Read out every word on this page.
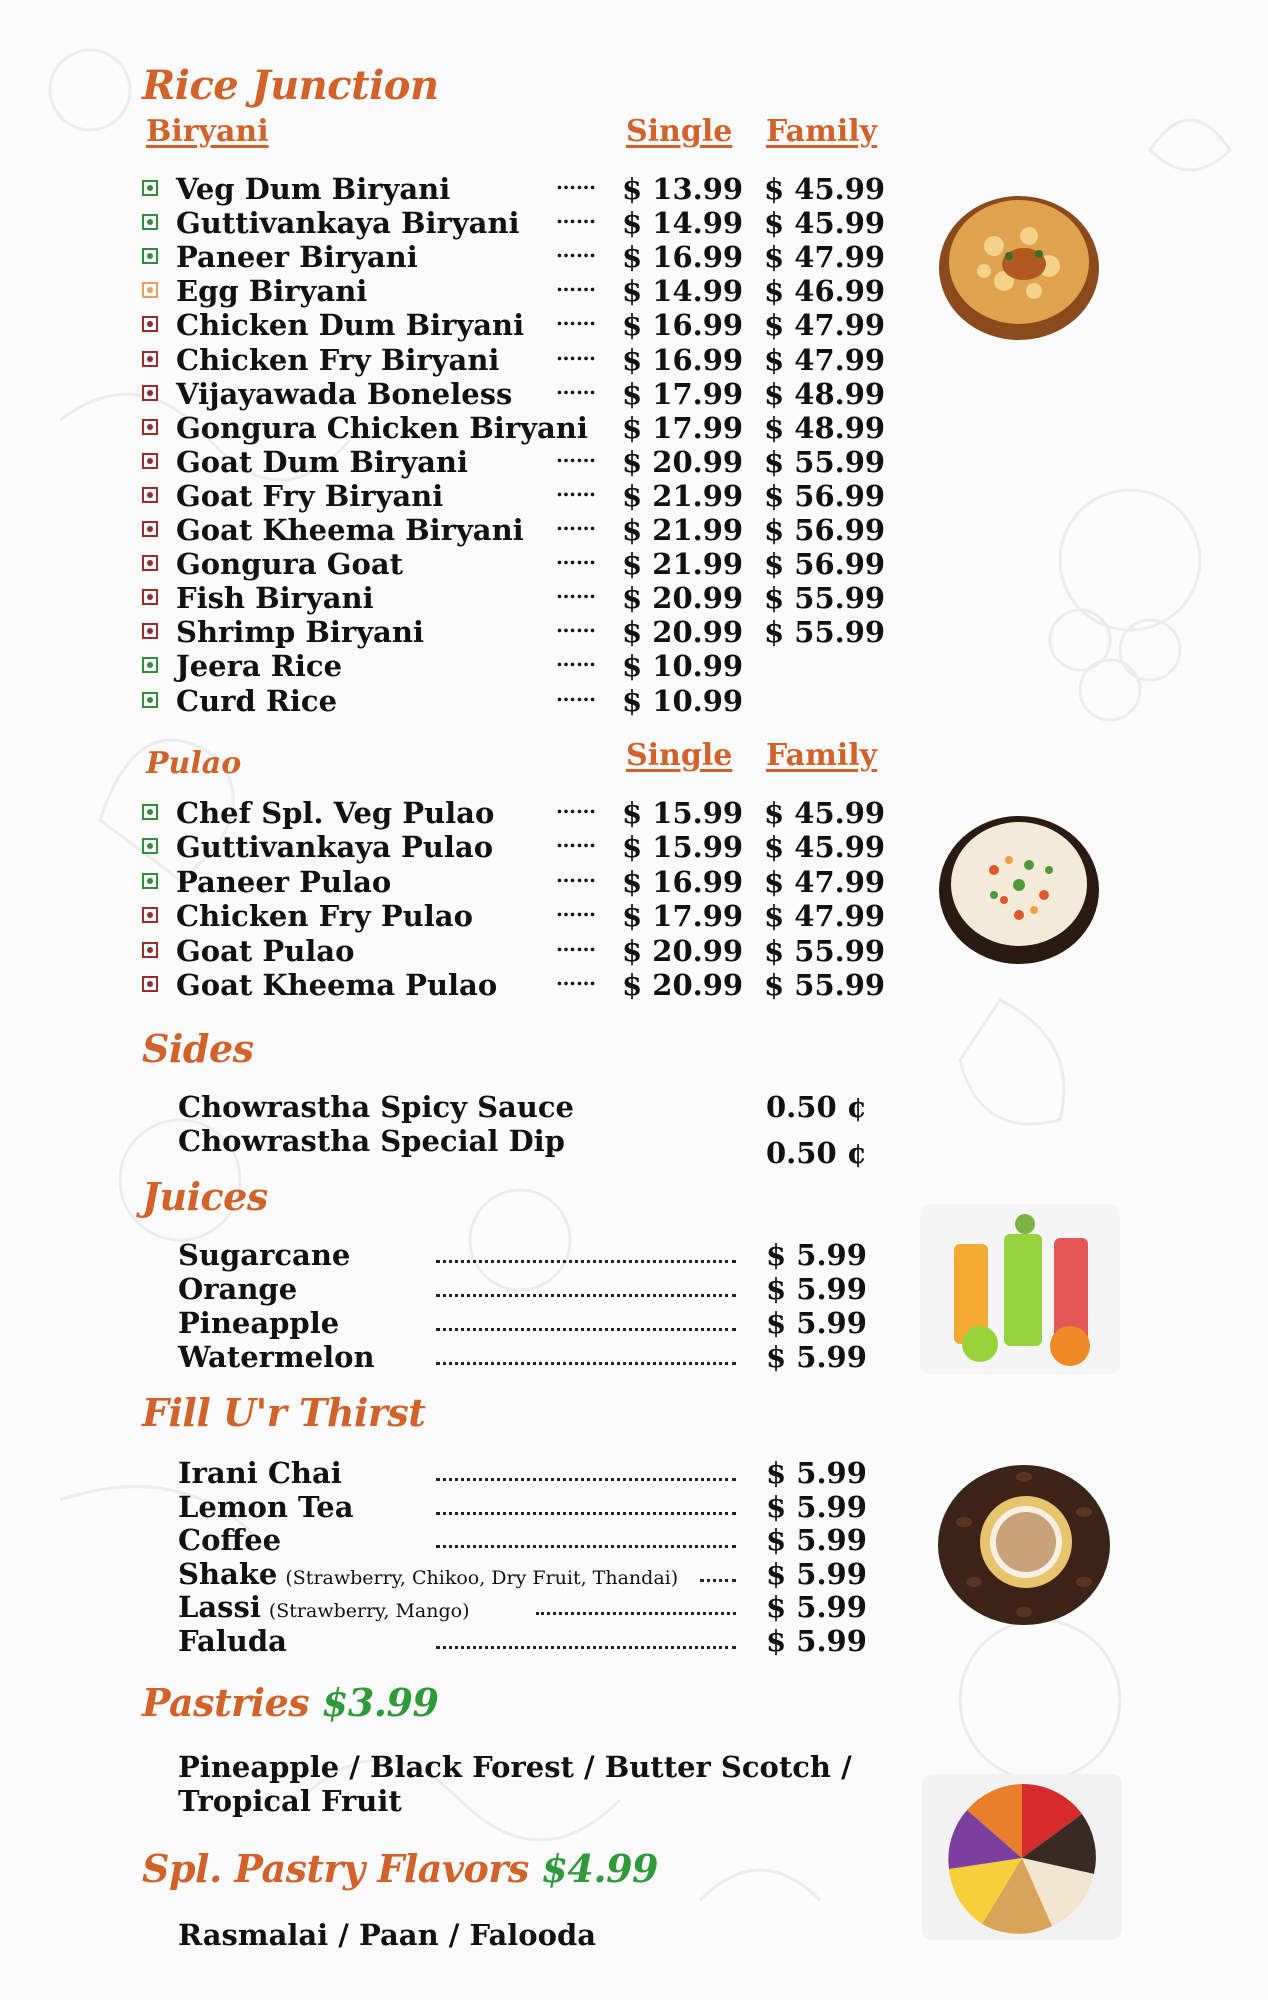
Rice Junction
Biryani	Single Family
Veg Dum Biryani	…… $ 13.99 $ 45.99
Guttivankaya Biryani …… $ 14.99 $ 45.99
Paneer Biryani	…… $ 16.99 $ 47.99
Egg Biryani	…… $ 14.99 $ 46.99
Chicken Dum Biryani …… $ 16.99 $ 47.99
Chicken Fry Biryani	…… $ 16.99 $ 47.99
Vijayawada Boneless …… $ 17.99 $ 48.99
Gongura Chicken Biryani $ 17.99 $ 48.99
Goat Dum Biryani	…… $ 20.99 $ 55.99
Goat Fry Biryani	…… $ 21.99 $ 56.99
Goat Kheema Biryani …… $ 21.99 $ 56.99
Gongura Goat	…… $ 21.99 $ 56.99
Fish Biryani	…… $ 20.99 $ 55.99
Shrimp Biryani	…… $ 20.99 $ 55.99
Jeera Rice	…… $ 10.99
Curd Rice	…… $ 10.99
Pulao	Single Family
Chef Spl. Veg Pulao	…… $ 15.99 $ 45.99
Guttivankaya Pulao	…… $ 15.99 $ 45.99
Paneer Pulao	…… $ 16.99 $ 47.99
Chicken Fry Pulao	…… $ 17.99 $ 47.99
Goat Pulao	…… $ 20.99 $ 55.99
Goat Kheema Pulao	…… $ 20.99 $ 55.99
Sides
Chowrastha Spicy Sauce	0.50 ¢
Chowrastha Special Dip	0.50 ¢
Juices
Sugarcane	$ 5.99
Orange	$ 5.99
Pineapple	$ 5.99
Watermelon	$ 5.99
Fill U'r Thirst
Irani Chai	$ 5.99
Lemon Tea	$ 5.99
Coffee	$ 5.99
Shake (Strawberry, Chikoo, Dry Fruit, Thandai)	$ 5.99
Lassi (Strawberry, Mango)	$ 5.99
Faluda	$ 5.99
Pastries $3.99
Pineapple / Black Forest / Butter Scotch /
Tropical Fruit
Spl. Pastry Flavors $4.99
Rasmalai / Paan / Falooda
